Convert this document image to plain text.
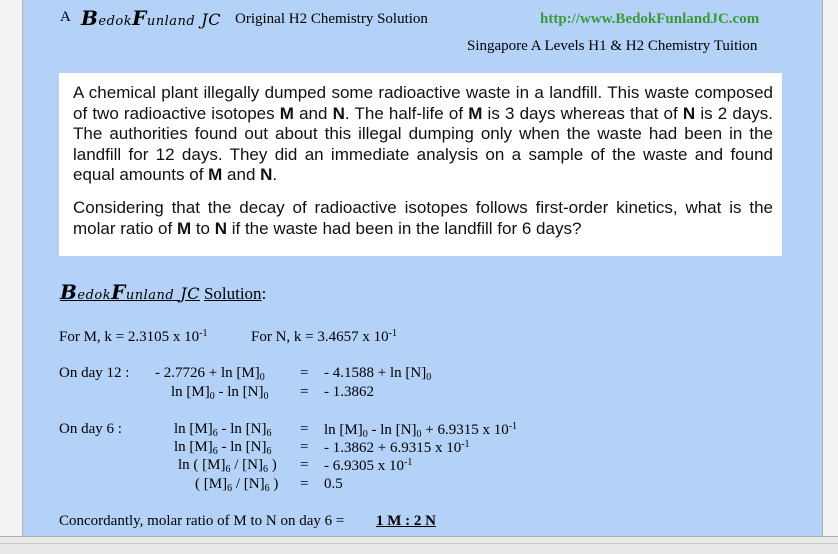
A BedokFunland JC Original H2 Chemistry Solution	http://www.BedokFunlandJC.com
Singapore A Levels H1 & H2 Chemistry Tuition

A chemical plant illegally dumped some radioactive waste in a landfill. This waste composed of two radioactive isotopes M and N. The half-life of M is 3 days whereas that of N is 2 days. The authorities found out about this illegal dumping only when the waste had been in the landfill for 12 days. They did an immediate analysis on a sample of the waste and found equal amounts of M and N.

Considering that the decay of radioactive isotopes follows first-order kinetics, what is the molar ratio of M to N if the waste had been in the landfill for 6 days?

BedokFunland JC Solution:
For M, k = 2.3105 x $10^{-1}$	For N, k = 3.4657 x $10^{-1}$
On day 12 : - $2.7726 + \ln [M]_0$ = - $4.1588 + \ln [N]_0$
$\ln [M]_0$ - $\ln [N]_0$ = - 1.3862
On day 6 :	$\ln [M]_6 - \ln [N]_6 = \ln [M]_0 - \ln [N]_0 + 6.9315$ x $10^{-1}$
$\ln [M]_6$ - $\ln [N]_6$ = - 1.3862 + 6.9315 x $10^{-1}$
ln ( $[M]_6 / [N]_6$ ) = - 6.9305 x $10^{-1}$
( $[M]_6 / [N]_6$ ) = 0.5
Concordantly, molar ratio of M to N on day 6 = 1 M : 2 N
